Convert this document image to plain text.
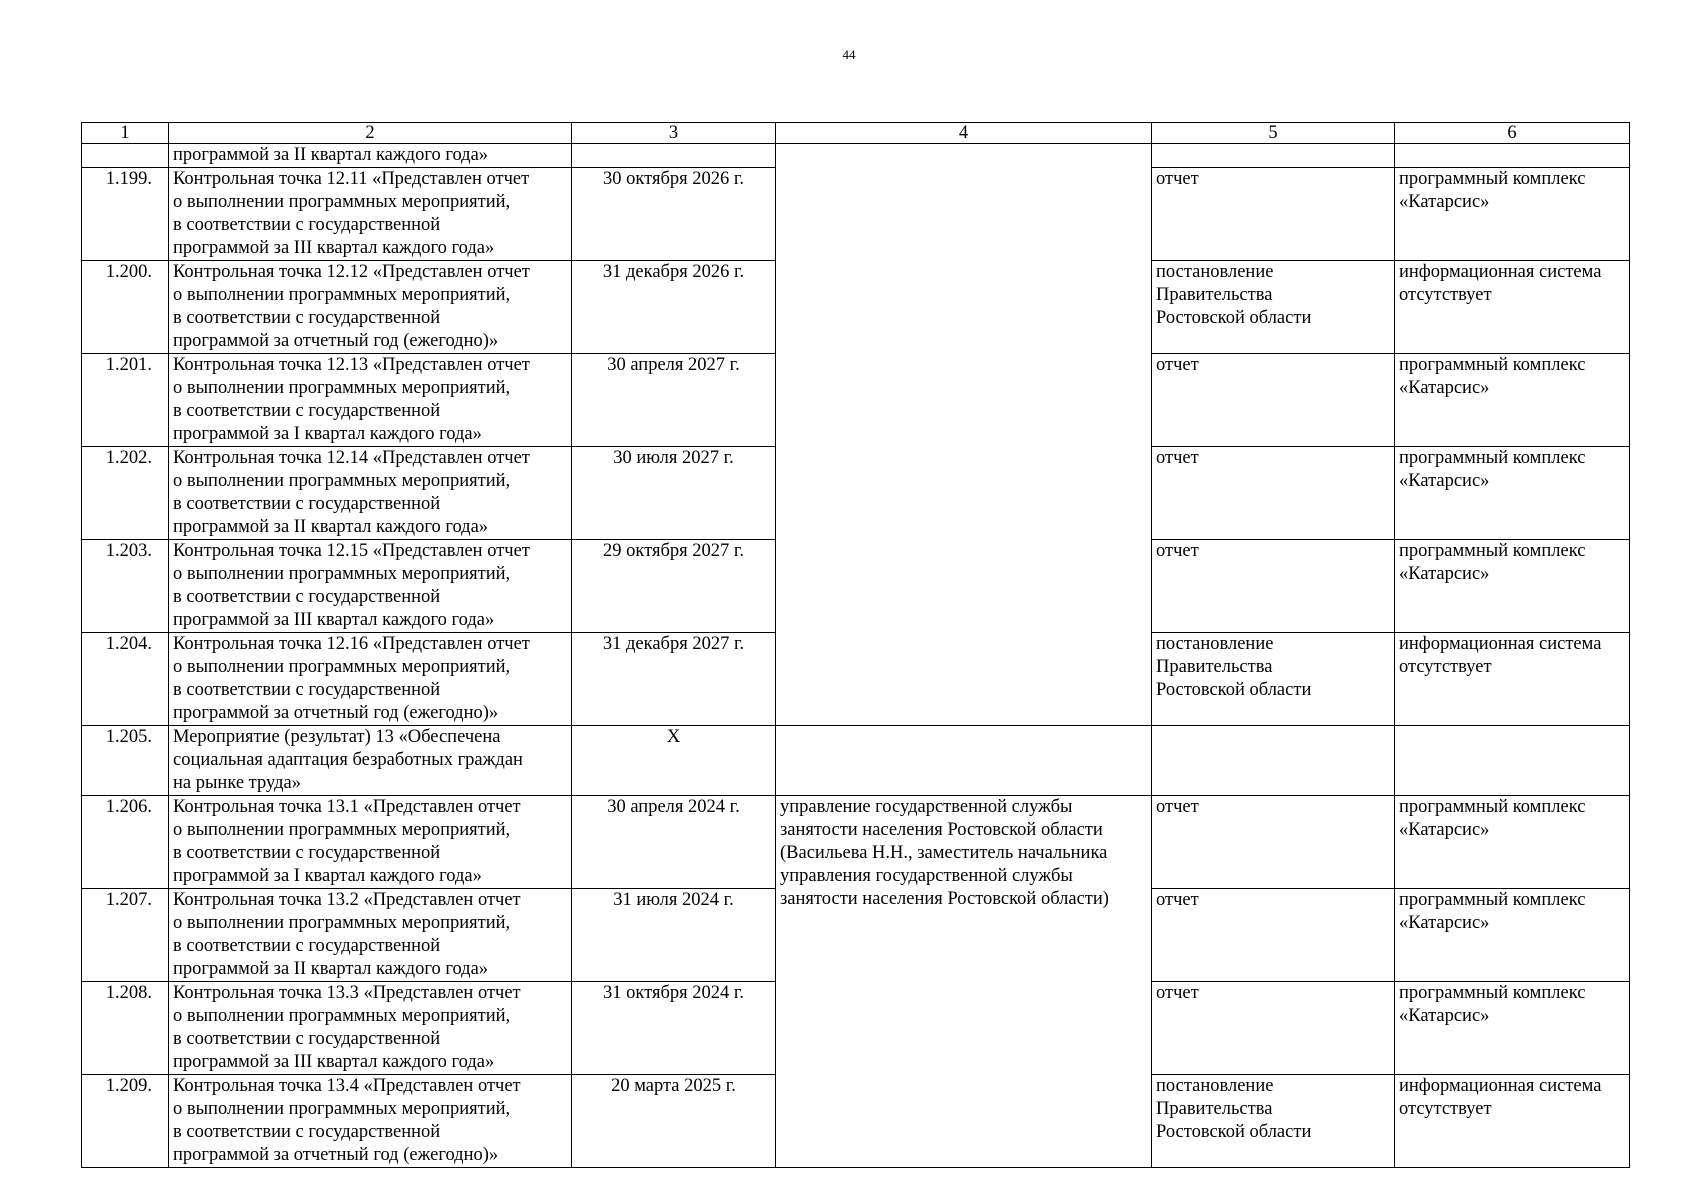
44
1	2	3	4	5	6
	программой за II квартал каждого года»				
1.199.	Контрольная точка 12.11 «Представлен отчет
о выполнении программных мероприятий,
в соответствии с государственной
программой за III квартал каждого года»	30 октября 2026 г.		отчет	программный комплекс
«Катарсис»

1.200.	Контрольная точка 12.12 «Представлен отчет
о выполнении программных мероприятий,
в соответствии с государственной
программой за отчетный год (ежегодно)»	31 декабря 2026 г.		постановление
Правительства
Ростовской области	информационная система
отсутствует

1.201.	Контрольная точка 12.13 «Представлен отчет
о выполнении программных мероприятий,
в соответствии с государственной
программой за I квартал каждого года»	30 апреля 2027 г.		отчет	программный комплекс
«Катарсис»

1.202.	Контрольная точка 12.14 «Представлен отчет
о выполнении программных мероприятий,
в соответствии с государственной
программой за II квартал каждого года»	30 июля 2027 г.		отчет	программный комплекс
«Катарсис»

1.203.	Контрольная точка 12.15 «Представлен отчет
о выполнении программных мероприятий,
в соответствии с государственной
программой за III квартал каждого года»	29 октября 2027 г.		отчет	программный комплекс
«Катарсис»

1.204.	Контрольная точка 12.16 «Представлен отчет
о выполнении программных мероприятий,
в соответствии с государственной
программой за отчетный год (ежегодно)»	31 декабря 2027 г.		постановление
Правительства
Ростовской области	информационная система
отсутствует

1.205.	Мероприятие (результат) 13 «Обеспечена
социальная адаптация безработных граждан
на рынке труда»	X			
1.206.	Контрольная точка 13.1 «Представлен отчет
о выполнении программных мероприятий,
в соответствии с государственной
программой за I квартал каждого года»	30 апреля 2024 г.	управление государственной службы
занятости населения Ростовской области
(Васильева Н.Н., заместитель начальника
управления государственной службы
занятости населения Ростовской области)	отчет	программный комплекс
«Катарсис»

1.207.	Контрольная точка 13.2 «Представлен отчет
о выполнении программных мероприятий,
в соответствии с государственной
программой за II квартал каждого года»	31 июля 2024 г.		отчет	программный комплекс
«Катарсис»

1.208.	Контрольная точка 13.3 «Представлен отчет
о выполнении программных мероприятий,
в соответствии с государственной
программой за III квартал каждого года»	31 октября 2024 г.		отчет	программный комплекс
«Катарсис»

1.209.	Контрольная точка 13.4 «Представлен отчет
о выполнении программных мероприятий,
в соответствии с государственной
программой за отчетный год (ежегодно)»	20 марта 2025 г.		постановление
Правительства
Ростовской области	информационная система
отсутствует
